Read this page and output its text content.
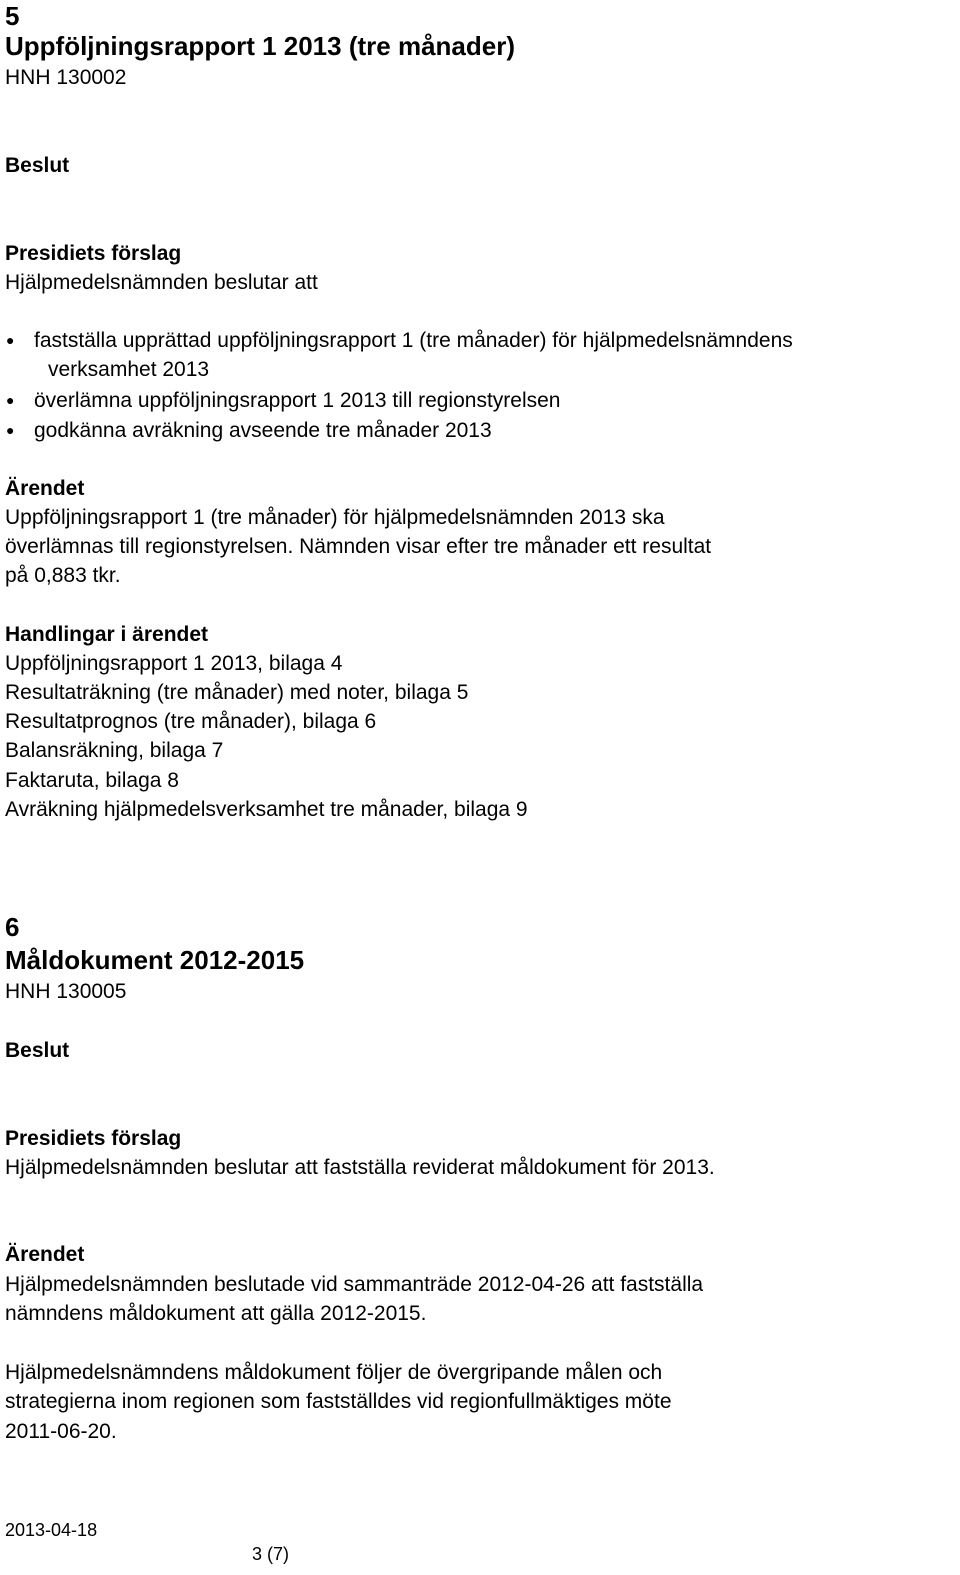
5
Uppföljningsrapport 1 2013 (tre månader)
HNH 130002
Beslut
Presidiets förslag
Hjälpmedelsnämnden beslutar att
● fastställa upprättad uppföljningsrapport 1 (tre månader) för hjälpmedelsnämndens
verksamhet 2013
● överlämna uppföljningsrapport 1 2013 till regionstyrelsen
● godkänna avräkning avseende tre månader 2013
Ärendet
Uppföljningsrapport 1 (tre månader) för hjälpmedelsnämnden 2013 ska
överlämnas till regionstyrelsen. Nämnden visar efter tre månader ett resultat
på 0,883 tkr.
Handlingar i ärendet
Uppföljningsrapport 1 2013, bilaga 4
Resultaträkning (tre månader) med noter, bilaga 5
Resultatprognos (tre månader), bilaga 6
Balansräkning, bilaga 7
Faktaruta, bilaga 8
Avräkning hjälpmedelsverksamhet tre månader, bilaga 9
6
Måldokument 2012-2015
HNH 130005
Beslut
Presidiets förslag
Hjälpmedelsnämnden beslutar att fastställa reviderat måldokument för 2013.
Ärendet
Hjälpmedelsnämnden beslutade vid sammanträde 2012-04-26 att fastställa
nämndens måldokument att gälla 2012-2015.
Hjälpmedelsnämndens måldokument följer de övergripande målen och
strategierna inom regionen som fastställdes vid regionfullmäktiges möte
2011-06-20.
2013-04-18
3 (7)
